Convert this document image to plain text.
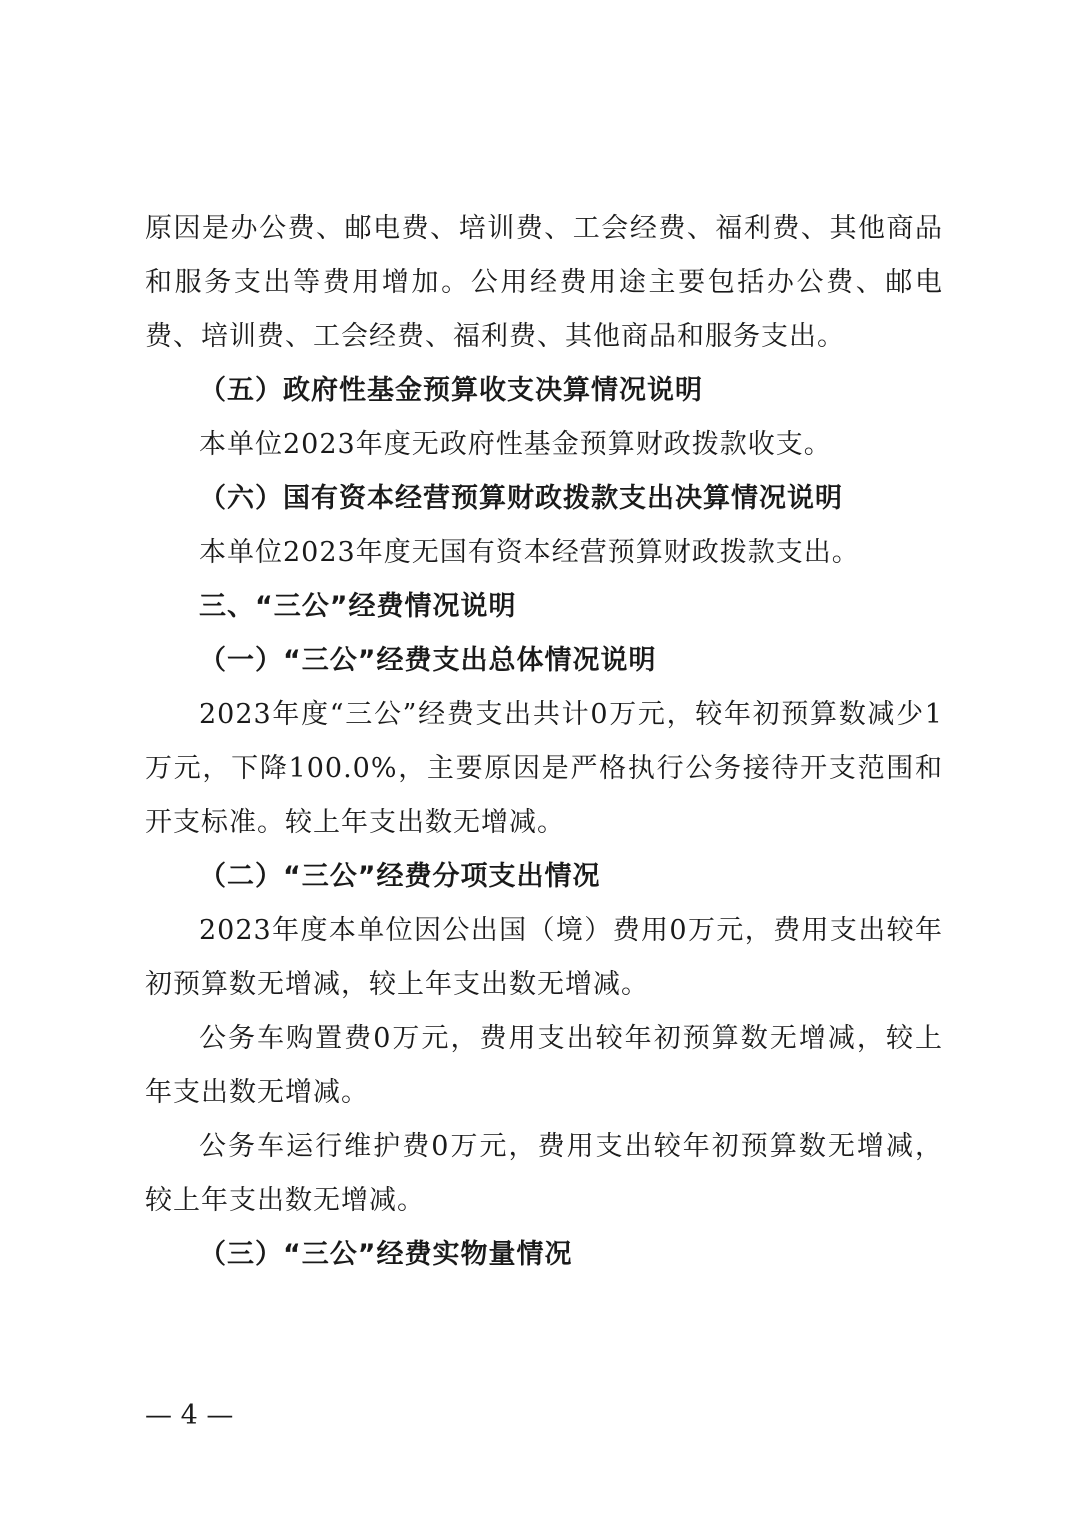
原因是办公费、邮电费、培训费、工会经费、福利费、其他商品和服务支出等费用增加。公用经费用途主要包括办公费、邮电费、培训费、工会经费、福利费、其他商品和服务支出。

（五）政府性基金预算收支决算情况说明

本单位2023年度无政府性基金预算财政拨款收支。

（六）国有资本经营预算财政拨款支出决算情况说明

本单位2023年度无国有资本经营预算财政拨款支出。

三、“三公”经费情况说明

（一）“三公”经费支出总体情况说明

2023年度“三公”经费支出共计0万元，较年初预算数减少1万元，下降100.0%，主要原因是严格执行公务接待开支范围和开支标准。较上年支出数无增减。

（二）“三公”经费分项支出情况

2023年度本单位因公出国（境）费用0万元，费用支出较年初预算数无增减，较上年支出数无增减。

公务车购置费0万元，费用支出较年初预算数无增减，较上年支出数无增减。

公务车运行维护费0万元，费用支出较年初预算数无增减，较上年支出数无增减。

（三）“三公”经费实物量情况

— 4 —
